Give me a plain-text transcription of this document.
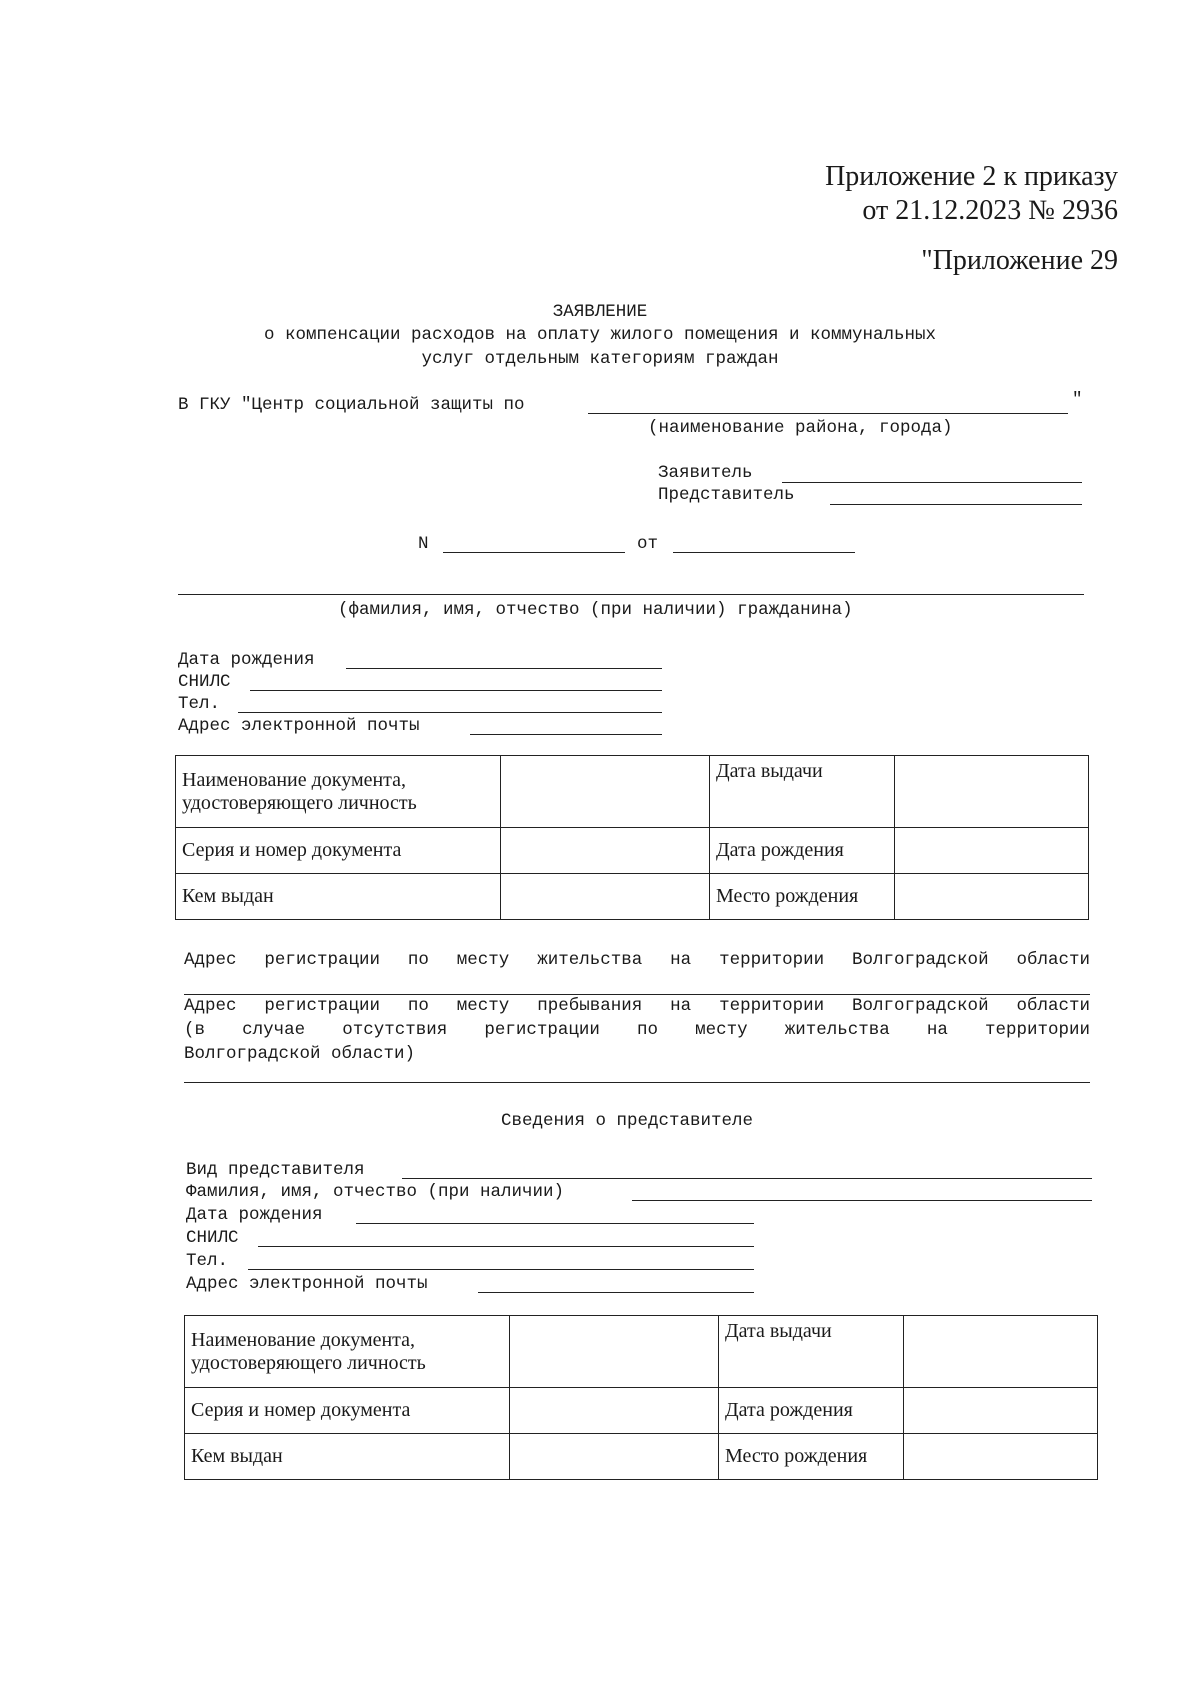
Приложение 2 к приказу
от 21.12.2023 № 2936
"Приложение 29
ЗАЯВЛЕНИЕ
о компенсации расходов на оплату жилого помещения и коммунальных
услуг отдельным категориям граждан
В ГКУ "Центр социальной защиты по	"
(наименование района, города)
Заявитель
Представитель
N	от
(фамилия, имя, отчество (при наличии) гражданина)
Дата рождения
СНИЛС
Тел.
Адрес электронной почты
Наименование документа, удостоверяющего личность		Дата выдачи	
Серия и номер документа		Дата рождения	
Кем выдан		Место рождения	
Адрес регистрации по месту жительства на территории Волгоградской области
Адрес регистрации по месту пребывания на территории Волгоградской области
(в случае отсутствия регистрации по месту жительства на территории
Волгоградской области)
Сведения о представителе
Вид представителя
Фамилия, имя, отчество (при наличии)
Дата рождения
СНИЛС
Тел.
Адрес электронной почты
Наименование документа, удостоверяющего личность		Дата выдачи	
Серия и номер документа		Дата рождения	
Кем выдан		Место рождения	
